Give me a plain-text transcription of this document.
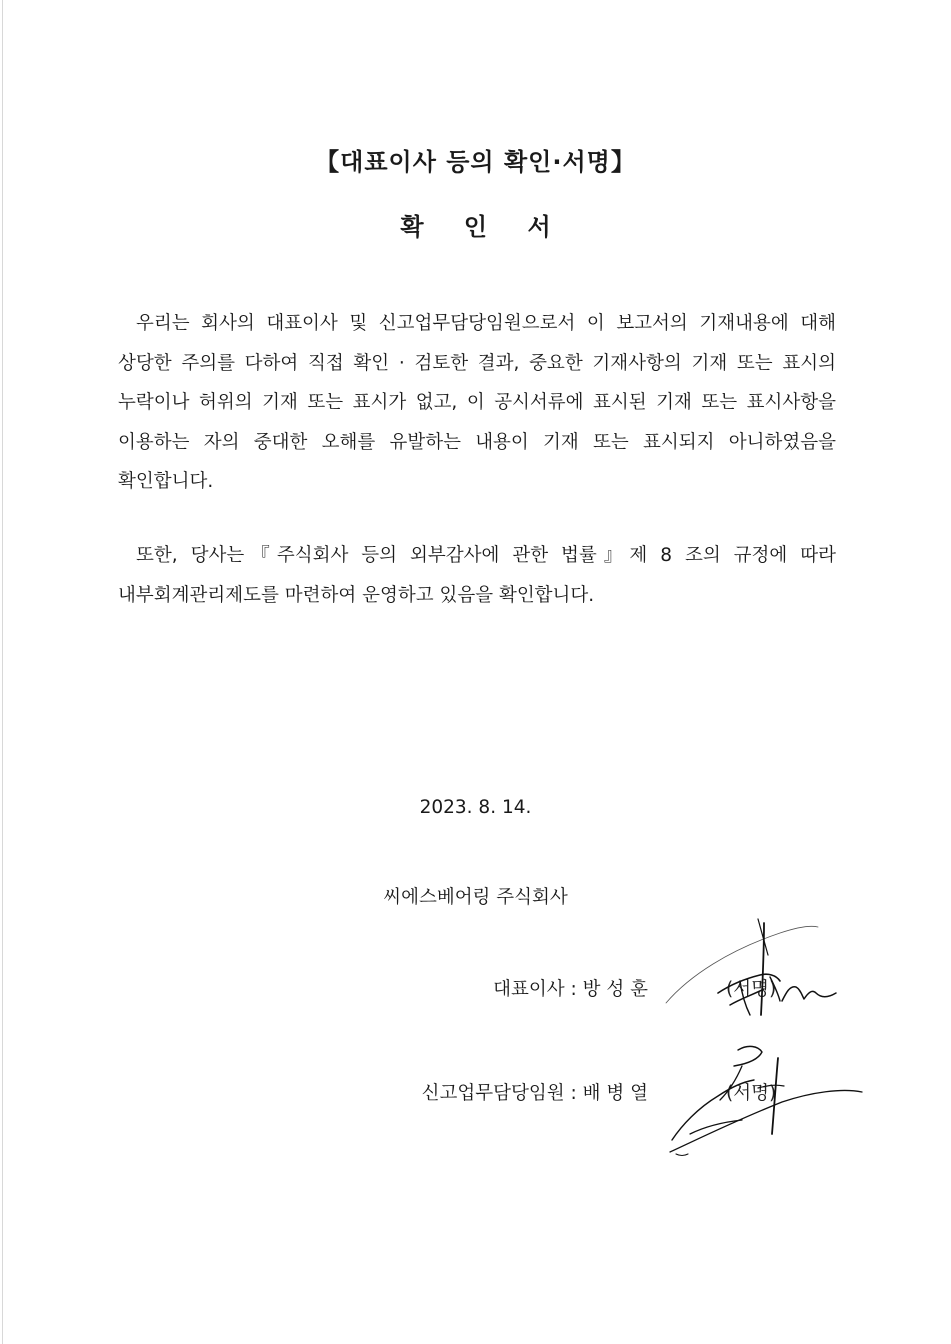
【대표이사 등의 확인·서명】
확 인 서

우리는 회사의 대표이사 및 신고업무담당임원으로서 이 보고서의 기재내용에 대해 상당한 주의를 다하여 직접 확인 · 검토한 결과, 중요한 기재사항의 기재 또는 표시의 누락이나 허위의 기재 또는 표시가 없고, 이 공시서류에 표시된 기재 또는 표시사항을 이용하는 자의 중대한 오해를 유발하는 내용이 기재 또는 표시되지 아니하였음을 확인합니다.

또한, 당사는『주식회사 등의 외부감사에 관한 법률』제 8 조의 규정에 따라 내부회계관리제도를 마련하여 운영하고 있음을 확인합니다.

2023. 8. 14.
씨에스베어링 주식회사
대표이사 : 방 성 훈	(서명)
신고업무담당임원 : 배 병 열	(서명)
